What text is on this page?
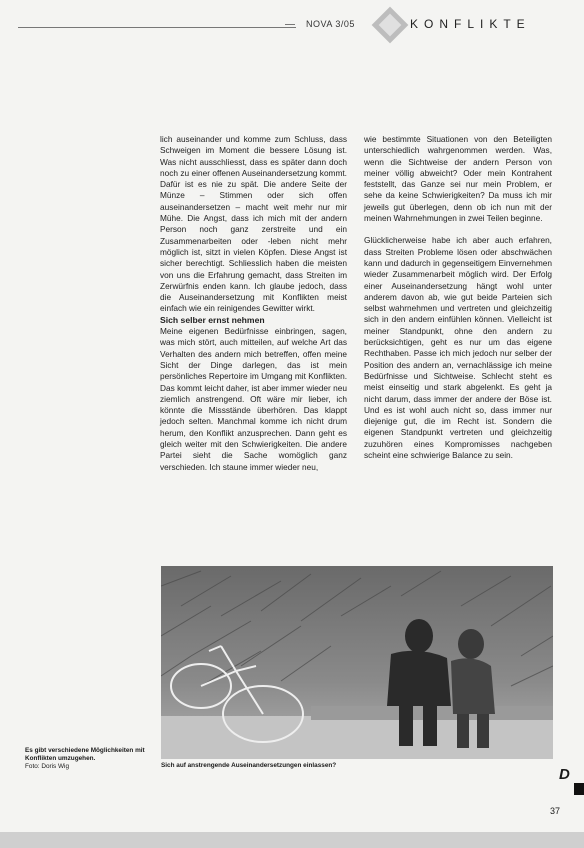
NOVA 3/05	KONFLIKTE

lich auseinander und komme zum Schluss, dass Schweigen im Moment die bessere Lösung ist. Was nicht ausschliesst, dass es später dann doch noch zu einer offenen Auseinandersetzung kommt. Dafür ist es nie zu spät. Die andere Seite der Münze – Stimmen oder sich offen auseinandersetzen – macht weit mehr nur mir Mühe. Die Angst, dass ich mich mit der andern Person noch ganz zerstreite und ein Zusammenarbeiten oder -leben nicht mehr möglich ist, sitzt in vielen Köpfen. Diese Angst ist sicher berechtigt. Schliesslich haben die meisten von uns die Erfahrung gemacht, dass Streiten im Zerwürfnis enden kann. Ich glaube jedoch, dass die Auseinandersetzung mit Konflikten meist einfach wie ein reinigendes Gewitter wirkt.

Sich selber ernst nehmen

Meine eigenen Bedürfnisse einbringen, sagen, was mich stört, auch mitteilen, auf welche Art das Verhalten des andern mich betreffen, offen meine Sicht der Dinge darlegen, das ist mein persönliches Repertoire im Umgang mit Konflikten. Das kommt leicht daher, ist aber immer wieder neu ziemlich anstrengend. Oft wäre mir lieber, ich könnte die Missstände überhören. Das klappt jedoch selten. Manchmal komme ich nicht drum herum, den Konflikt anzusprechen. Dann geht es gleich weiter mit den Schwierigkeiten. Die andere Partei sieht die Sache womöglich ganz verschieden. Ich staune immer wieder neu,

wie bestimmte Situationen von den Beteiligten unterschiedlich wahrgenommen werden. Was, wenn die Sichtweise der andern Person von meiner völlig abweicht? Oder mein Kontrahent feststellt, das Ganze sei nur mein Problem, er sehe da keine Schwierigkeiten? Da muss ich mir jeweils gut überlegen, denn ob ich nun mit der meinen Wahrnehmungen in zwei Teilen beginne.

Glücklicherweise habe ich aber auch erfahren, dass Streiten Probleme lösen oder abschwächen kann und dadurch in gegenseitigem Einvernehmen wieder Zusammenarbeit möglich wird. Der Erfolg einer Auseinandersetzung hängt wohl unter anderem davon ab, wie gut beide Parteien sich selbst wahrnehmen und vertreten und gleichzeitig sich in den andern einfühlen können. Vielleicht ist meiner Standpunkt, ohne den andern zu berücksichtigen, geht es nur um das eigene Rechthaben. Passe ich mich jedoch nur selber der Position des andern an, vernachlässige ich meine Bedürfnisse und Sichtweise. Schlecht steht es meist einseitig und stark abgelenkt. Es geht ja nicht darum, dass immer der andere der Böse ist. Und es ist wohl auch nicht so, dass immer nur diejenige gut, die im Recht ist. Sondern die eigenen Standpunkt vertreten und gleichzeitig zuzuhören eines Kompromisses nachgeben scheint eine schwierige Balance zu sein.

Es gibt verschiedene Möglichkeiten mit Konflikten umzugehen.
Foto: Doris Wig	Sich auf anstrengende Auseinandersetzungen einlassen?
D
37
